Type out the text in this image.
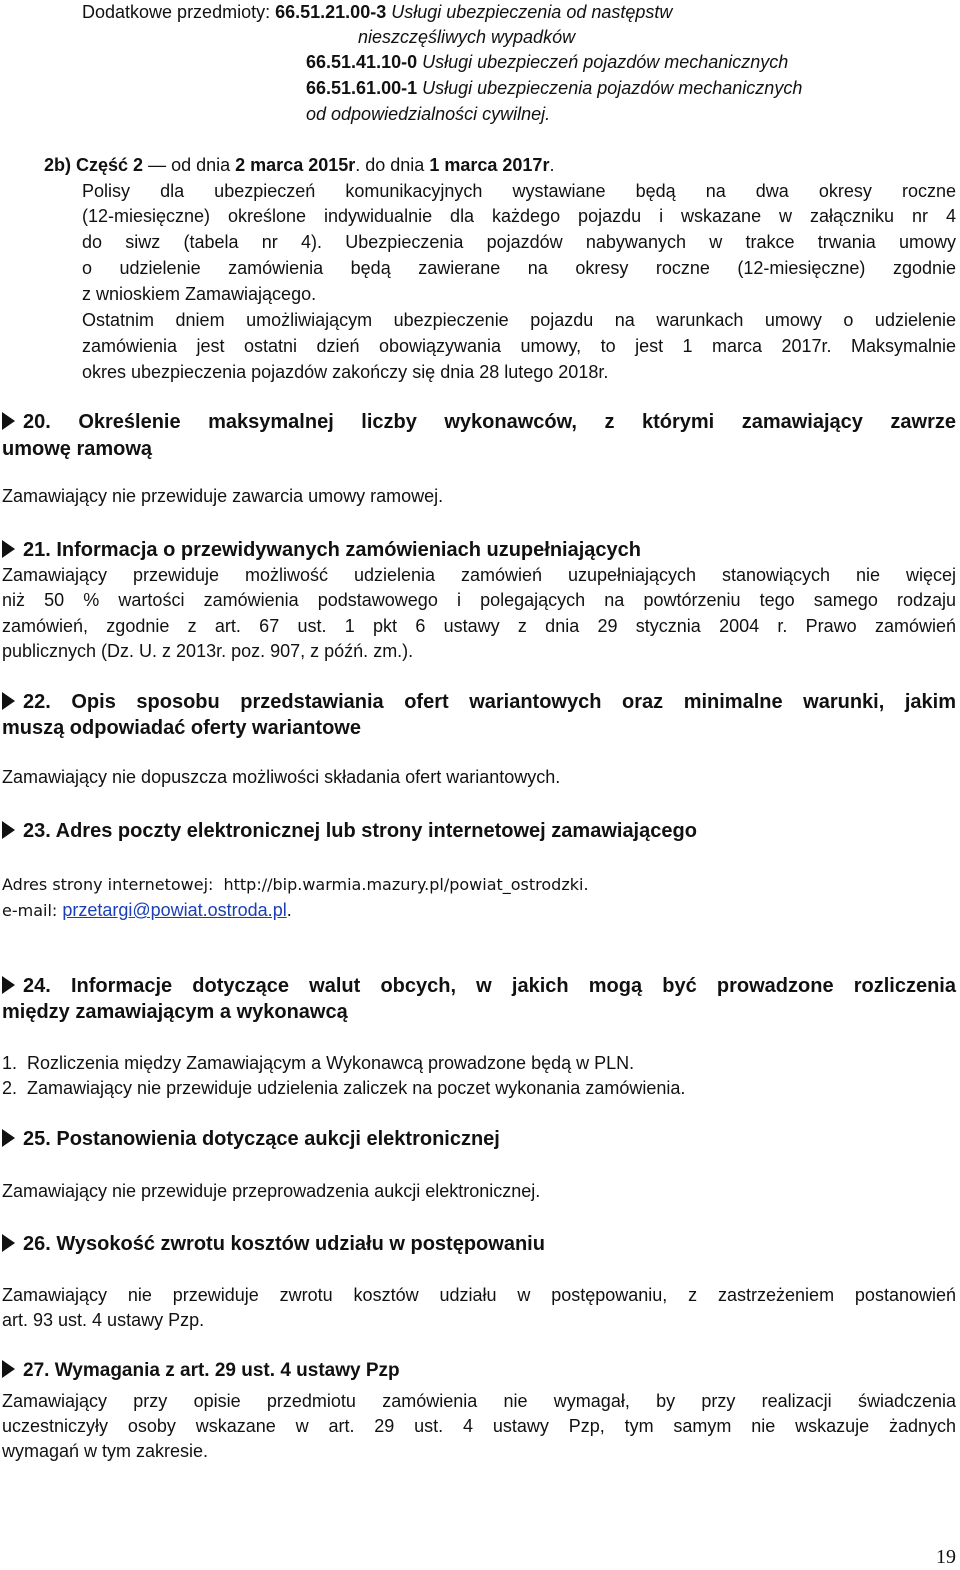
Dodatkowe przedmioty: 66.51.21.00-3 Usługi ubezpieczenia od następstw
nieszczęśliwych wypadków
66.51.41.10-0 Usługi ubezpieczeń pojazdów mechanicznych
66.51.61.00-1 Usługi ubezpieczenia pojazdów mechanicznych
od odpowiedzialności cywilnej.
2b) Część 2 — od dnia 2 marca 2015r. do dnia 1 marca 2017r.
Polisy dla ubezpieczeń komunikacyjnych wystawiane będą na dwa okresy roczne
(12-miesięczne) określone indywidualnie dla każdego pojazdu i wskazane w załączniku nr 4
do siwz (tabela nr 4). Ubezpieczenia pojazdów nabywanych w trakce trwania umowy
o udzielenie zamówienia będą zawierane na okresy roczne (12-miesięczne) zgodnie
z wnioskiem Zamawiającego.
Ostatnim dniem umożliwiającym ubezpieczenie pojazdu na warunkach umowy o udzielenie
zamówienia jest ostatni dzień obowiązywania umowy, to jest 1 marca 2017r. Maksymalnie
okres ubezpieczenia pojazdów zakończy się dnia 28 lutego 2018r.
20. Określenie maksymalnej liczby wykonawców, z którymi zamawiający zawrze
umowę ramową
Zamawiający nie przewiduje zawarcia umowy ramowej.
21. Informacja o przewidywanych zamówieniach uzupełniających
Zamawiający przewiduje możliwość udzielenia zamówień uzupełniających stanowiących nie więcej
niż 50 % wartości zamówienia podstawowego i polegających na powtórzeniu tego samego rodzaju
zamówień, zgodnie z art. 67 ust. 1 pkt 6 ustawy z dnia 29 stycznia 2004 r. Prawo zamówień
publicznych (Dz. U. z 2013r. poz. 907, z późń. zm.).
22. Opis sposobu przedstawiania ofert wariantowych oraz minimalne warunki, jakim
muszą odpowiadać oferty wariantowe
Zamawiający nie dopuszcza możliwości składania ofert wariantowych.
23. Adres poczty elektronicznej lub strony internetowej zamawiającego
Adres strony internetowej: http://bip.warmia.mazury.pl/powiat_ostrodzki.
e-mail: przetargi@powiat.ostroda.pl.
24. Informacje dotyczące walut obcych, w jakich mogą być prowadzone rozliczenia
między zamawiającym a wykonawcą
1. Rozliczenia między Zamawiającym a Wykonawcą prowadzone będą w PLN.
2. Zamawiający nie przewiduje udzielenia zaliczek na poczet wykonania zamówienia.
25. Postanowienia dotyczące aukcji elektronicznej
Zamawiający nie przewiduje przeprowadzenia aukcji elektronicznej.
26. Wysokość zwrotu kosztów udziału w postępowaniu
Zamawiający nie przewiduje zwrotu kosztów udziału w postępowaniu, z zastrzeżeniem postanowień
art. 93 ust. 4 ustawy Pzp.
27. Wymagania z art. 29 ust. 4 ustawy Pzp
Zamawiający przy opisie przedmiotu zamówienia nie wymagał, by przy realizacji świadczenia
uczestniczyły osoby wskazane w art. 29 ust. 4 ustawy Pzp, tym samym nie wskazuje żadnych
wymagań w tym zakresie.
19
